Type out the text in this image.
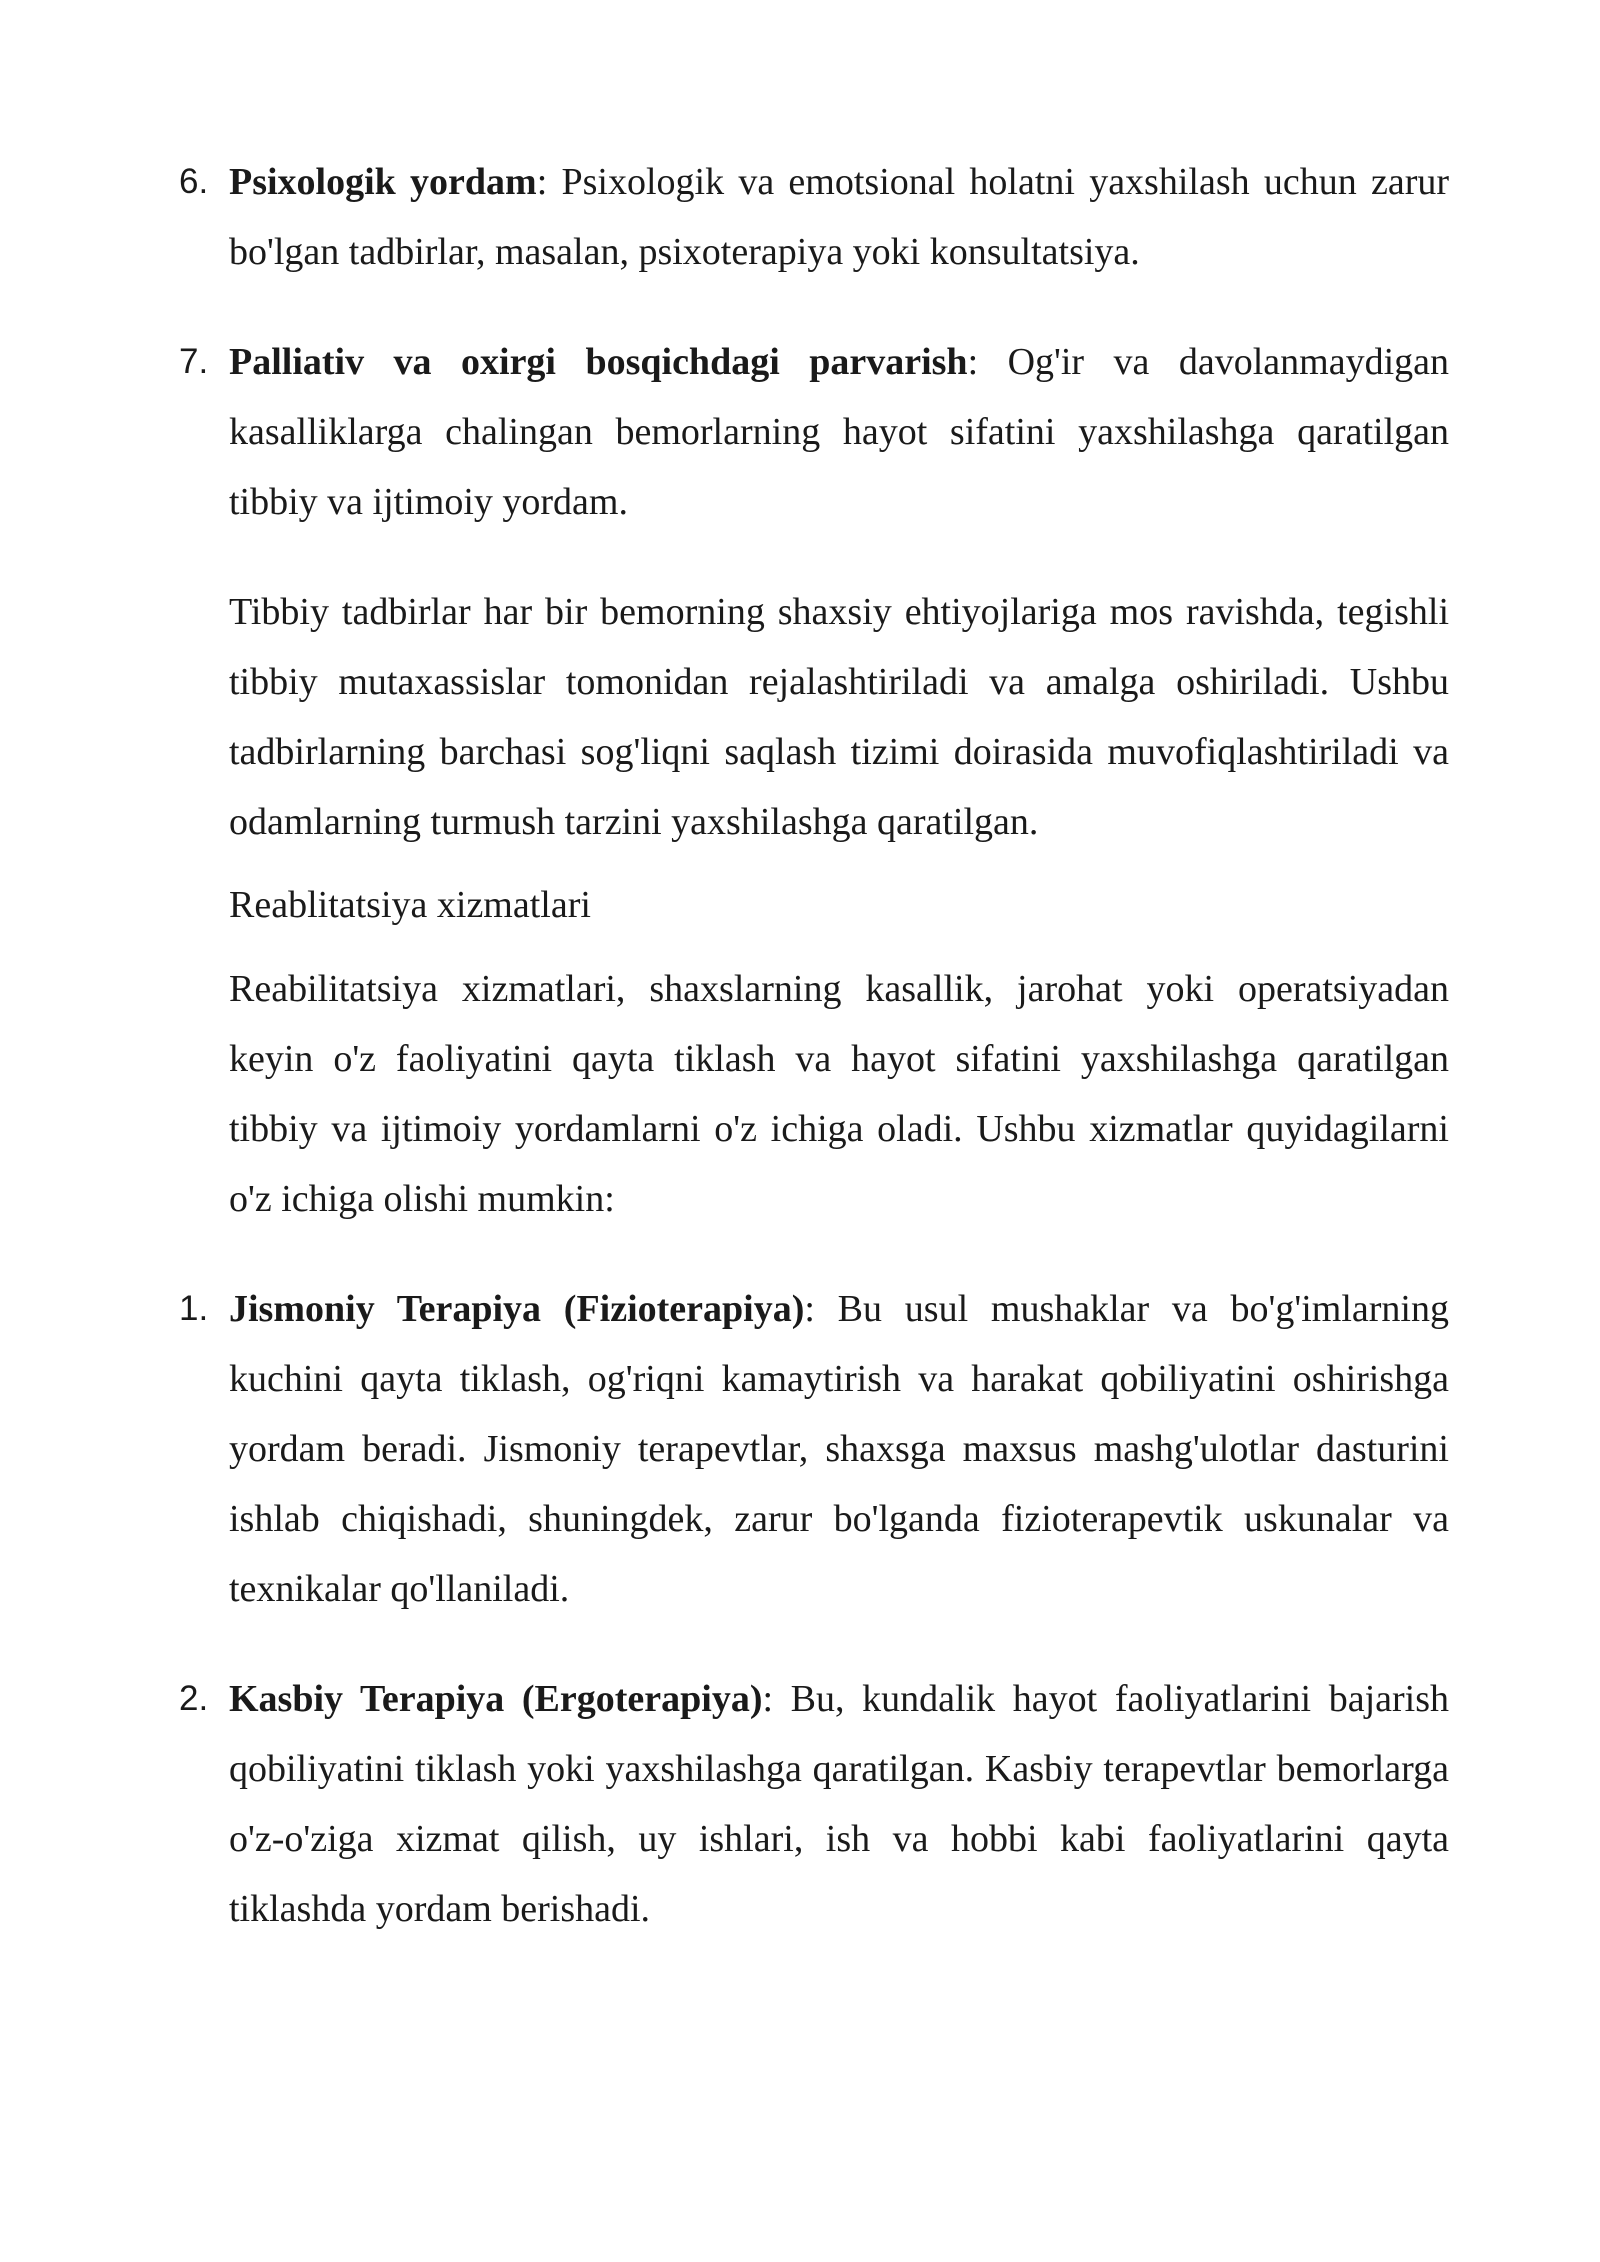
6. Psixologik yordam: Psixologik va emotsional holatni yaxshilash uchun zarur bo'lgan tadbirlar, masalan, psixoterapiya yoki konsultatsiya.
7. Palliativ va oxirgi bosqichdagi parvarish: Og'ir va davolanmaydigan kasalliklarga chalingan bemorlarning hayot sifatini yaxshilashga qaratilgan tibbiy va ijtimoiy yordam.

Tibbiy tadbirlar har bir bemorning shaxsiy ehtiyojlariga mos ravishda, tegishli tibbiy mutaxassislar tomonidan rejalashtiriladi va amalga oshiriladi. Ushbu tadbirlarning barchasi sog'liqni saqlash tizimi doirasida muvofiqlashtiriladi va odamlarning turmush tarzini yaxshilashga qaratilgan.

Reablitatsiya xizmatlari

Reabilitatsiya xizmatlari, shaxslarning kasallik, jarohat yoki operatsiyadan keyin o'z faoliyatini qayta tiklash va hayot sifatini yaxshilashga qaratilgan tibbiy va ijtimoiy yordamlarni o'z ichiga oladi. Ushbu xizmatlar quyidagilarni o'z ichiga olishi mumkin:

1. Jismoniy Terapiya (Fizioterapiya): Bu usul mushaklar va bo'g'imlarning kuchini qayta tiklash, og'riqni kamaytirish va harakat qobiliyatini oshirishga yordam beradi. Jismoniy terapevtlar, shaxsga maxsus mashg'ulotlar dasturini ishlab chiqishadi, shuningdek, zarur bo'lganda fizioterapevtik uskunalar va texnikalar qo'llaniladi.
2. Kasbiy Terapiya (Ergoterapiya): Bu, kundalik hayot faoliyatlarini bajarish qobiliyatini tiklash yoki yaxshilashga qaratilgan. Kasbiy terapevtlar bemorlarga o'z-o'ziga xizmat qilish, uy ishlari, ish va hobbi kabi faoliyatlarini qayta tiklashda yordam berishadi.
